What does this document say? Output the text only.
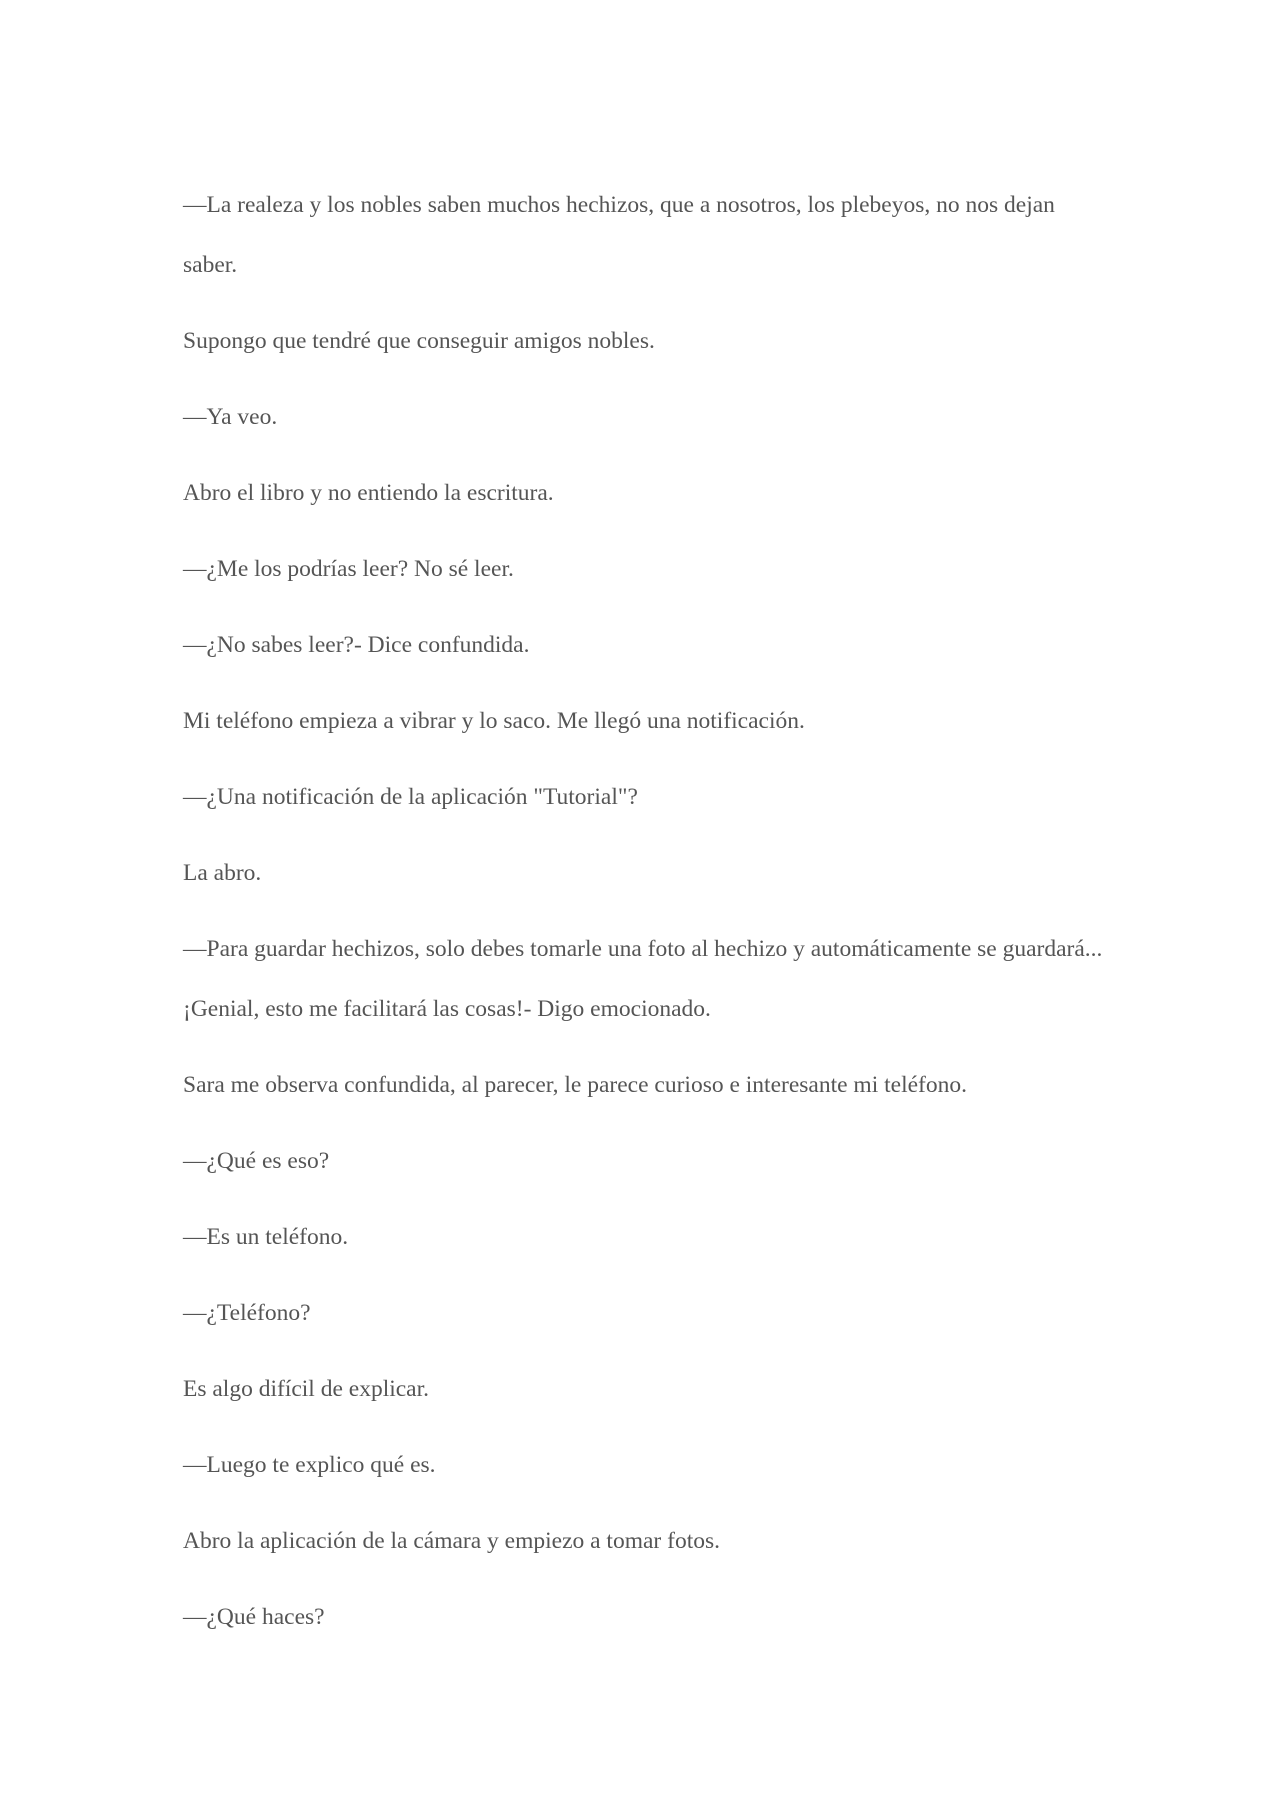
—La realeza y los nobles saben muchos hechizos, que a nosotros, los plebeyos, no nos dejan saber.

Supongo que tendré que conseguir amigos nobles.

—Ya veo.

Abro el libro y no entiendo la escritura.

—¿Me los podrías leer? No sé leer.

—¿No sabes leer?- Dice confundida.

Mi teléfono empieza a vibrar y lo saco. Me llegó una notificación.

—¿Una notificación de la aplicación "Tutorial"?

La abro.

—Para guardar hechizos, solo debes tomarle una foto al hechizo y automáticamente se guardará... ¡Genial, esto me facilitará las cosas!- Digo emocionado.

Sara me observa confundida, al parecer, le parece curioso e interesante mi teléfono.

—¿Qué es eso?

—Es un teléfono.

—¿Teléfono?

Es algo difícil de explicar.

—Luego te explico qué es.

Abro la aplicación de la cámara y empiezo a tomar fotos.

—¿Qué haces?
